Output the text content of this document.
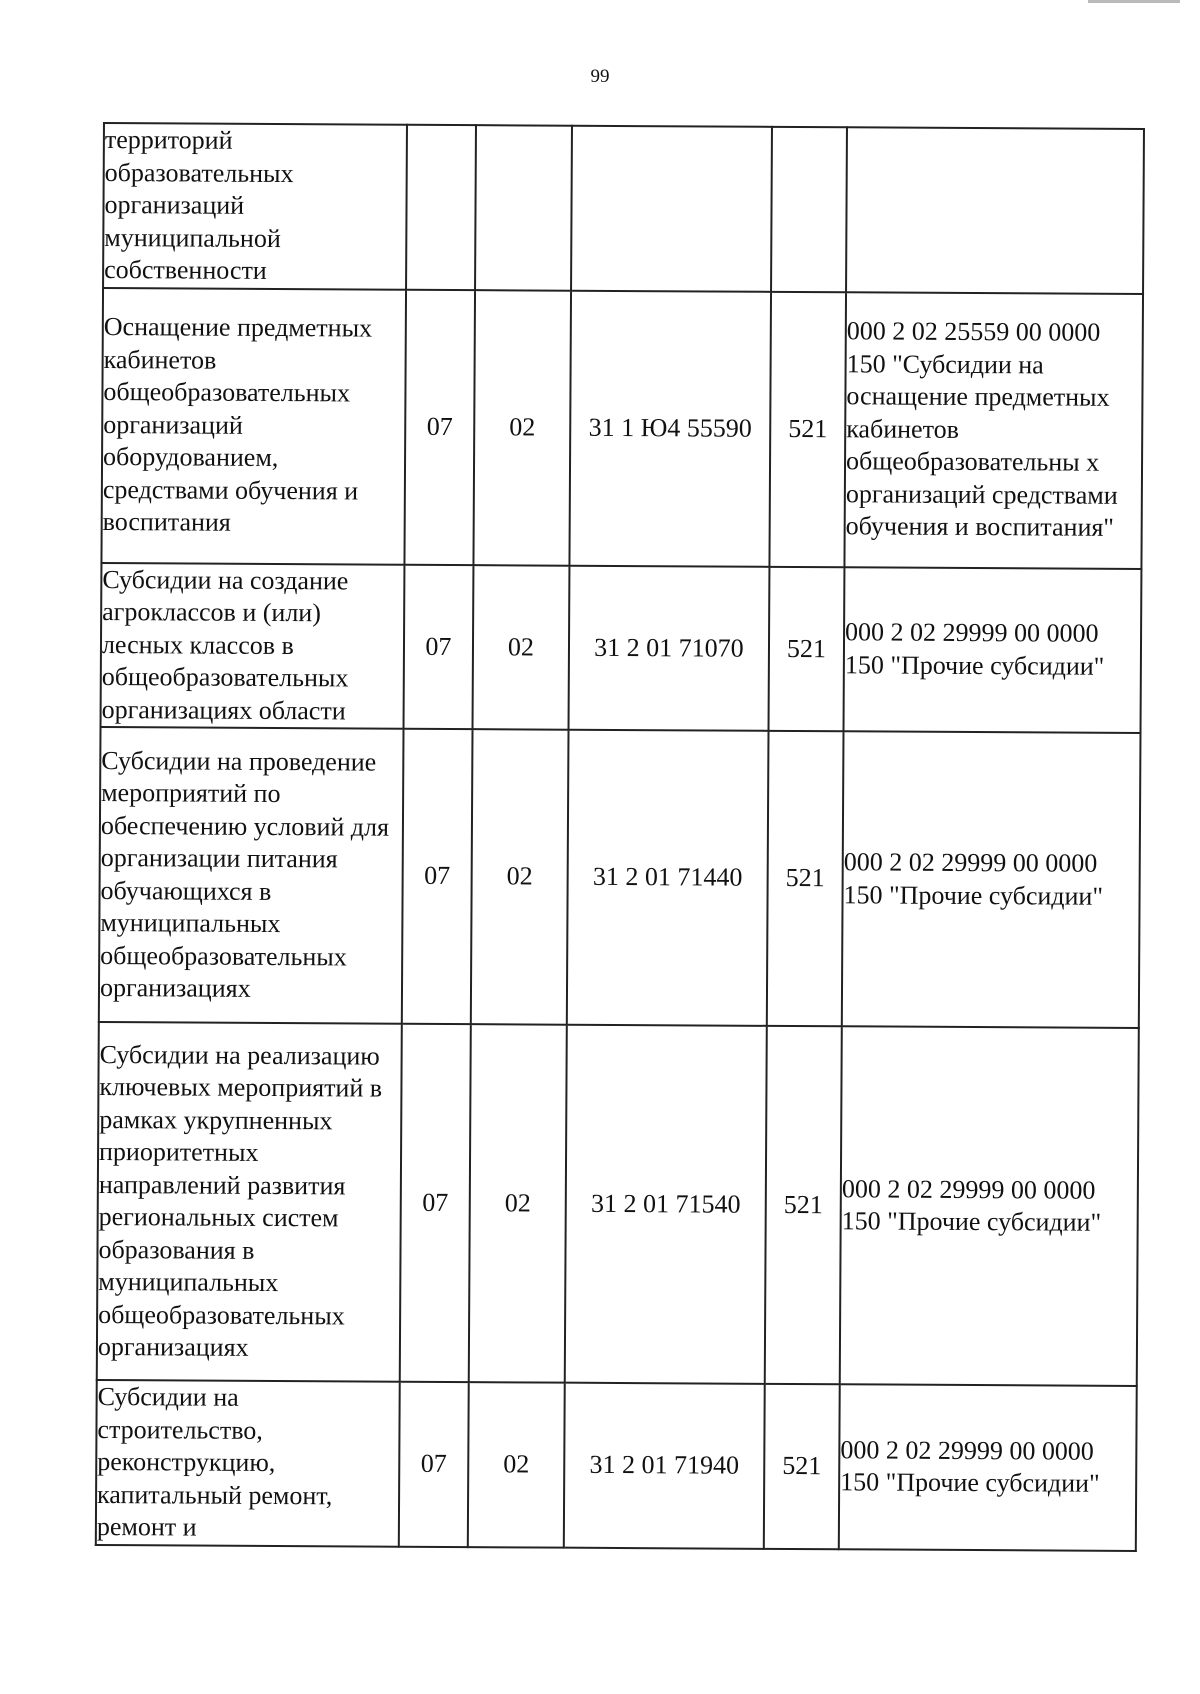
99
территорий образовательных организаций муниципальной собственности					
Оснащение предметных кабинетов общеобразовательных организаций оборудованием, средствами обучения и воспитания	07	02	31 1 Ю4 55590	521	000 2 02 25559 00 0000 150 "Субсидии на оснащение предметных кабинетов общеобразовательны х организаций средствами обучения и воспитания"
Субсидии на создание агроклассов и (или) лесных классов в общеобразовательных организациях области	07	02	31 2 01 71070	521	000 2 02 29999 00 0000 150 "Прочие субсидии"
Субсидии на проведение мероприятий по обеспечению условий для организации питания обучающихся в муниципальных общеобразовательных организациях	07	02	31 2 01 71440	521	000 2 02 29999 00 0000 150 "Прочие субсидии"
Субсидии на реализацию ключевых мероприятий в рамках укрупненных приоритетных направлений развития региональных систем образования в муниципальных общеобразовательных организациях	07	02	31 2 01 71540	521	000 2 02 29999 00 0000 150 "Прочие субсидии"
Субсидии на строительство, реконструкцию, капитальный ремонт, ремонт и	07	02	31 2 01 71940	521	000 2 02 29999 00 0000 150 "Прочие субсидии"
